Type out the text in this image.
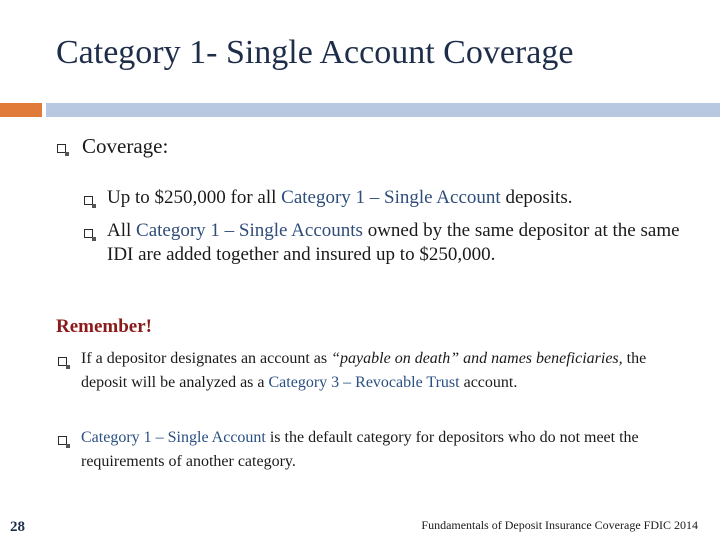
Category 1- Single Account Coverage
Coverage:
Up to $250,000 for all Category 1 – Single Account deposits.
All Category 1 – Single Accounts owned by the same depositor at the same IDI are added together and insured up to $250,000.
Remember!
If a depositor designates an account as “payable on death” and names beneficiaries, the deposit will be analyzed as a Category 3 – Revocable Trust account.
Category 1 – Single Account is the default category for depositors who do not meet the requirements of another category.
28	Fundamentals of Deposit Insurance Coverage FDIC 2014
